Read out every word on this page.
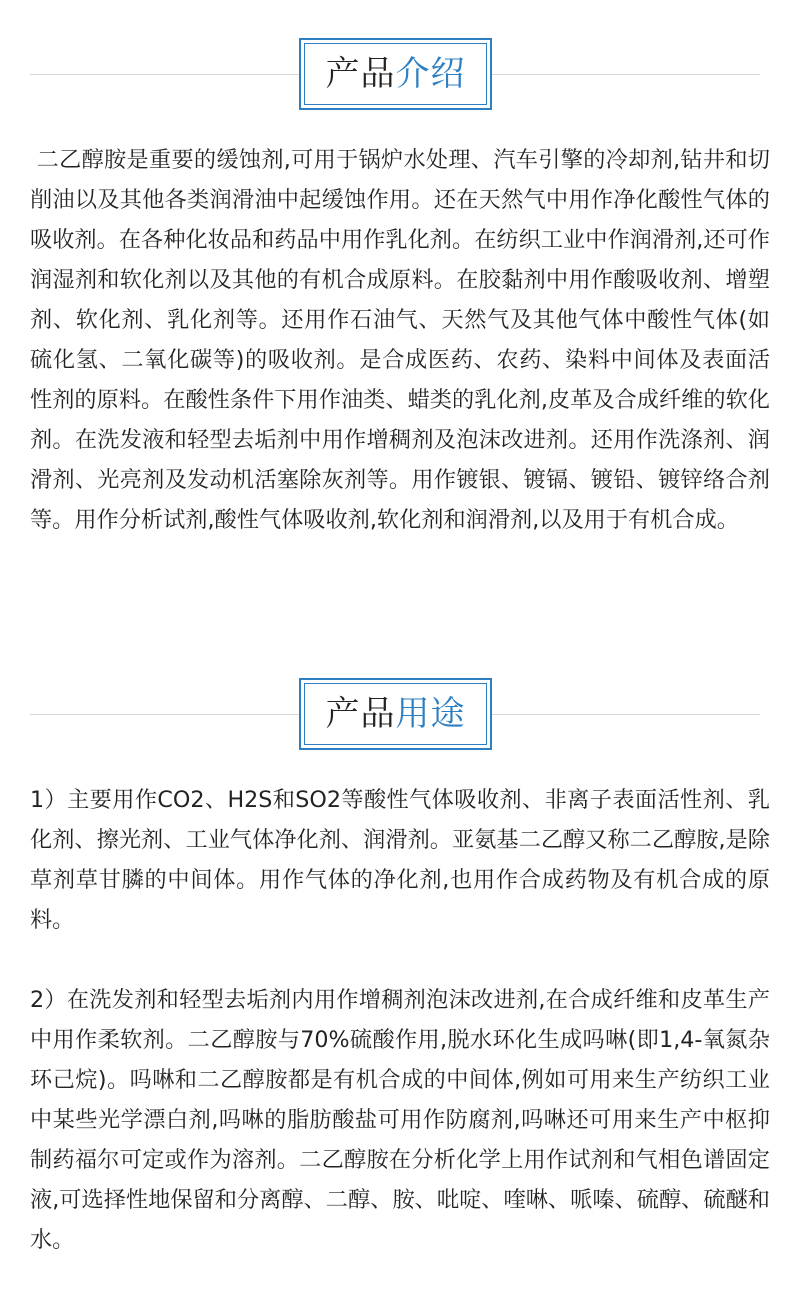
产品 介绍

二乙醇胺是重要的缓蚀剂,可用于锅炉水处理、汽车引擎的冷却剂,钻井和切削油以及其他各类润滑油中起缓蚀作用。还在天然气中用作净化酸性气体的吸收剂。在各种化妆品和药品中用作乳化剂。在纺织工业中作润滑剂,还可作润湿剂和软化剂以及其他的有机合成原料。在胶黏剂中用作酸吸收剂、增塑剂、软化剂、乳化剂等。还用作石油气、天然气及其他气体中酸性气体(如硫化氢、二氧化碳等)的吸收剂。是合成医药、农药、染料中间体及表面活性剂的原料。在酸性条件下用作油类、蜡类的乳化剂,皮革及合成纤维的软化剂。在洗发液和轻型去垢剂中用作增稠剂及泡沫改进剂。还用作洗涤剂、润滑剂、光亮剂及发动机活塞除灰剂等。用作镀银、镀镉、镀铅、镀锌络合剂等。用作分析试剂,酸性气体吸收剂,软化剂和润滑剂,以及用于有机合成。

产品 用途

1）主要用作CO2、H2S和SO2等酸性气体吸收剂、非离子表面活性剂、乳化剂、擦光剂、工业气体净化剂、润滑剂。亚氨基二乙醇又称二乙醇胺,是除草剂草甘膦的中间体。用作气体的净化剂,也用作合成药物及有机合成的原料。

2）在洗发剂和轻型去垢剂内用作增稠剂泡沫改进剂,在合成纤维和皮革生产中用作柔软剂。二乙醇胺与70%硫酸作用,脱水环化生成吗啉(即1,4-氧氮杂环己烷)。吗啉和二乙醇胺都是有机合成的中间体,例如可用来生产纺织工业中某些光学漂白剂,吗啉的脂肪酸盐可用作防腐剂,吗啉还可用来生产中枢抑制药福尔可定或作为溶剂。二乙醇胺在分析化学上用作试剂和气相色谱固定液,可选择性地保留和分离醇、二醇、胺、吡啶、喹啉、哌嗪、硫醇、硫醚和水。
